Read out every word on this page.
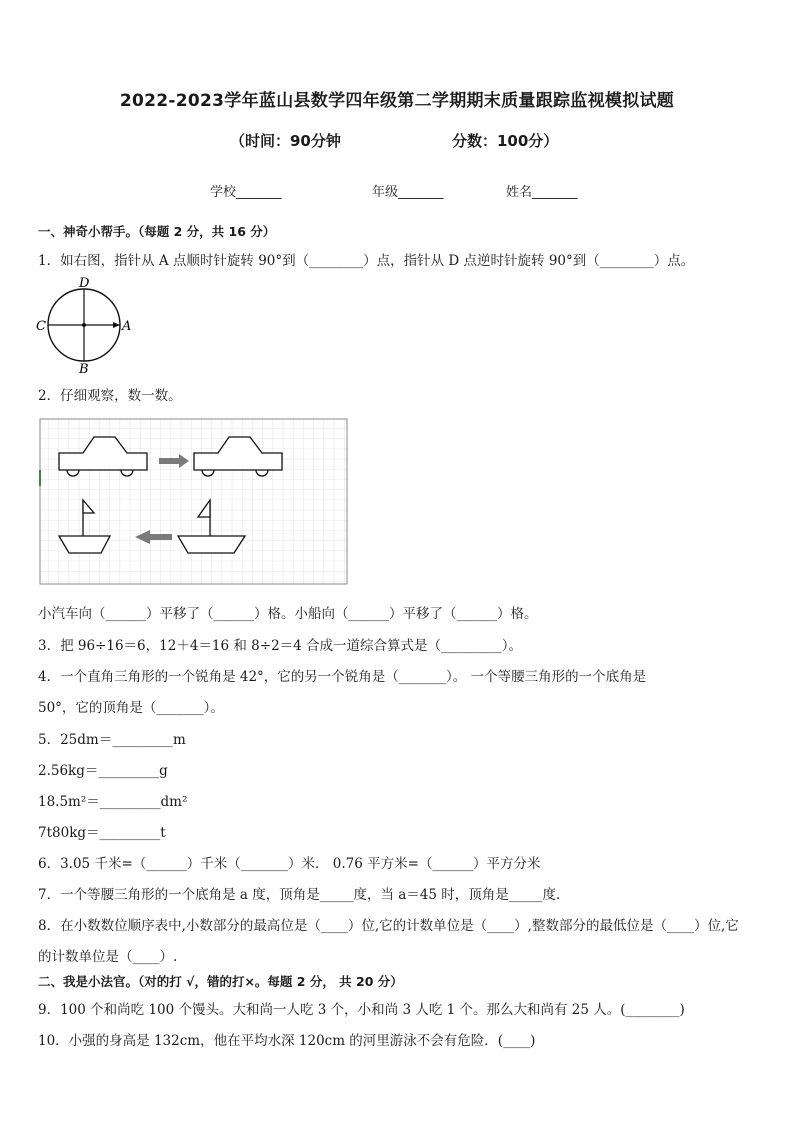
2022-2023学年蓝山县数学四年级第二学期期末质量跟踪监视模拟试题
（时间：90分钟	分数：100分）
学校_______	年级_______	姓名_______
一、神奇小帮手。（每题 2 分，共 16 分）
1．如右图，指针从 A 点顺时针旋转 90°到（________）点，指针从 D 点逆时针旋转 90°到（________）点。
D
A
C
B
2．仔细观察，数一数。
小汽车向（______）平移了（______）格。小船向（______）平移了（______）格。
3．把 96÷16＝6，12＋4＝16 和 8÷2＝4 合成一道综合算式是（_________）。
4．一个直角三角形的一个锐角是 42°，它的另一个锐角是（_______）。 一个等腰三角形的一个底角是
50°，它的顶角是（_______）。
5．25dm＝_________m
2.56kg＝_________g
18.5m²＝_________dm²
7t80kg＝_________t
6．3.05 千米=（______）千米（_______）米． 0.76 平方米=（______）平方分米
7．一个等腰三角形的一个底角是 a 度，顶角是_____度，当 a＝45 时，顶角是_____度．
8．在小数数位顺序表中,小数部分的最高位是（____）位,它的计数单位是（____）,整数部分的最低位是（____）位,它
的计数单位是（____）.
二、我是小法官。（对的打 √，错的打×。每题 2 分， 共 20 分）
9．100 个和尚吃 100 个馒头。大和尚一人吃 3 个，小和尚 3 人吃 1 个。那么大和尚有 25 人。(________)
10．小强的身高是 132cm，他在平均水深 120cm 的河里游泳不会有危险．(____)
